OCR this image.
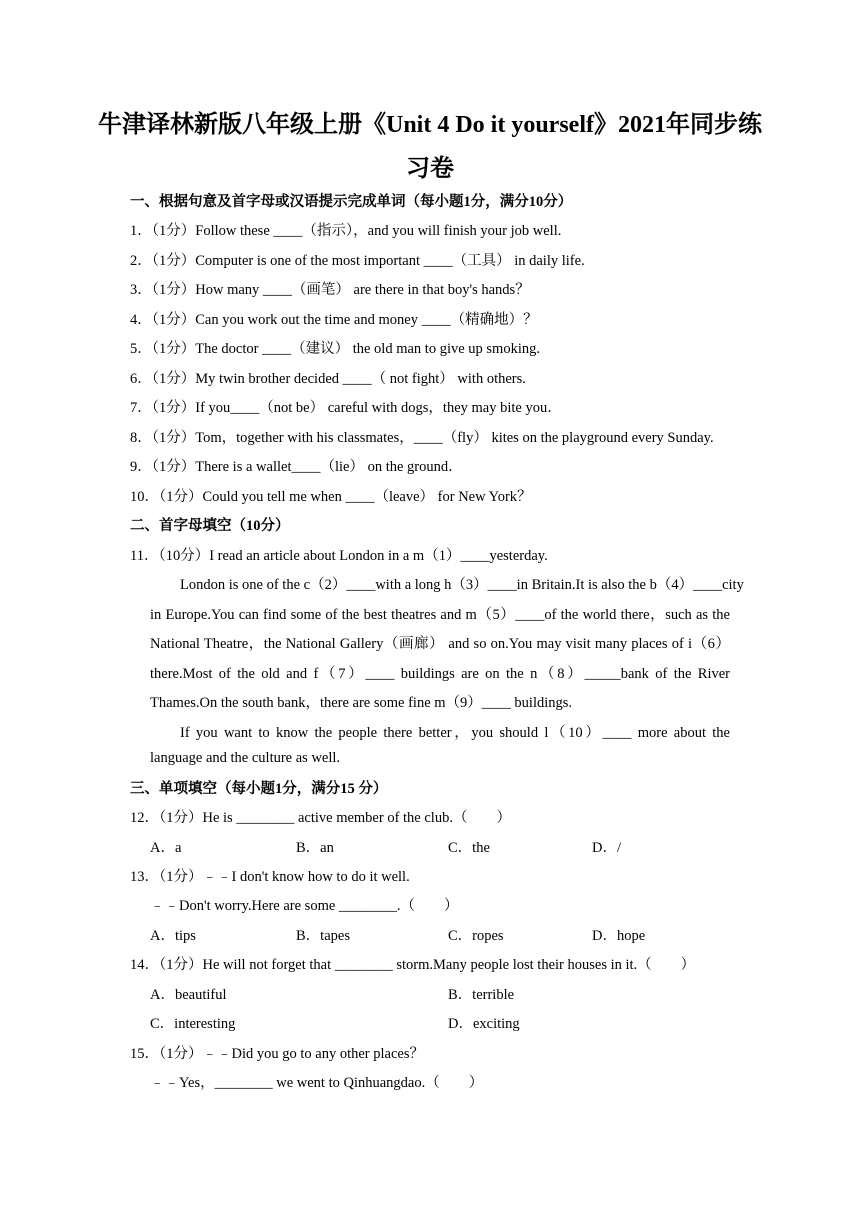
牛津译林新版八年级上册《Unit 4 Do it yourself》2021年同步练
习卷
一、根据句意及首字母或汉语提示完成单词（每小题1分，满分10分）
1．（1分）Follow these ____（指示），and you will finish your job well.
2．（1分）Computer is one of the most important ____（工具） in daily life.
3．（1分）How many ____（画笔） are there in that boy's hands？
4．（1分）Can you work out the time and money ____（精确地）？
5．（1分）The doctor ____（建议） the old man to give up smoking.
6．（1分）My twin brother decided ____（ not fight） with others.
7．（1分）If you____（not be） careful with dogs，they may bite you．
8．（1分）Tom，together with his classmates，____（fly） kites on the playground every Sunday.
9．（1分）There is a wallet____（lie） on the ground．
10．（1分）Could you tell me when ____（leave） for New York？
二、首字母填空（10分）
11．（10分）I read an article about London in a m（1）____yesterday.
London is one of the c（2）____with a long h（3）____in Britain.It is also the b（4）____city
in Europe.You can find some of the best theatres and m（5）____of the world there，such as the
National Theatre，the National Gallery（画廊） and so on.You may visit many places of i（6）
there.Most of the old and f（7）____ buildings are on the n（8）_____bank of the River
Thames.On the south bank，there are some fine m（9）____ buildings.
If you want to know the people there better，you should l（10）____ more about the
language and the culture as well.
三、单项填空（每小题1分，满分15 分）
12．（1分）He is ________ active member of the club.（　　）
A．a	B．an	C．the	D．/
13．（1分）﹣﹣I don't know how to do it well.
﹣﹣Don't worry.Here are some ________.（　　）
A．tips	B．tapes	C．ropes	D．hope
14．（1分）He will not forget that ________ storm.Many people lost their houses in it.（　　）
A．beautiful	B．terrible
C．interesting	D．exciting
15．（1分）﹣﹣Did you go to any other places？
﹣﹣Yes，________ we went to Qinhuangdao.（　　）
